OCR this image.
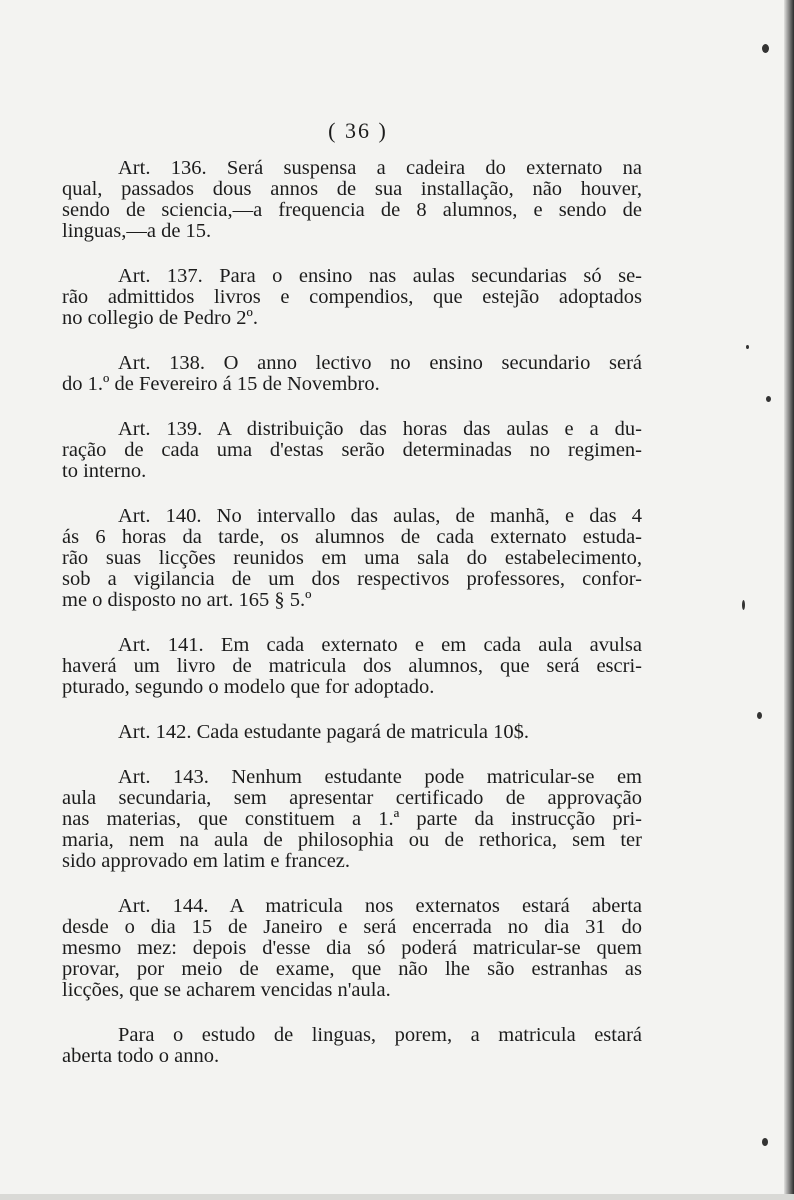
( 36 )
Art. 136. Será suspensa a cadeira do externato na
qual, passados dous annos de sua installação, não houver,
sendo de sciencia,—a frequencia de 8 alumnos, e sendo de
linguas,—a de 15.
Art. 137. Para o ensino nas aulas secundarias só se-
rão admittidos livros e compendios, que estejão adoptados
no collegio de Pedro 2º.
Art. 138. O anno lectivo no ensino secundario será
do 1.º de Fevereiro á 15 de Novembro.
Art. 139. A distribuição das horas das aulas e a du-
ração de cada uma d'estas serão determinadas no regimen-
to interno.
Art. 140. No intervallo das aulas, de manhã, e das 4
ás 6 horas da tarde, os alumnos de cada externato estuda-
rão suas licções reunidos em uma sala do estabelecimento,
sob a vigilancia de um dos respectivos professores, confor-
me o disposto no art. 165 § 5.º
Art. 141. Em cada externato e em cada aula avulsa
haverá um livro de matricula dos alumnos, que será escri-
pturado, segundo o modelo que for adoptado.
Art. 142. Cada estudante pagará de matricula 10$.
Art. 143. Nenhum estudante pode matricular-se em
aula secundaria, sem apresentar certificado de approvação
nas materias, que constituem a 1.ª parte da instrucção pri-
maria, nem na aula de philosophia ou de rethorica, sem ter
sido approvado em latim e francez.
Art. 144. A matricula nos externatos estará aberta
desde o dia 15 de Janeiro e será encerrada no dia 31 do
mesmo mez: depois d'esse dia só poderá matricular-se quem
provar, por meio de exame, que não lhe são estranhas as
licções, que se acharem vencidas n'aula.
Para o estudo de linguas, porem, a matricula estará
aberta todo o anno.
